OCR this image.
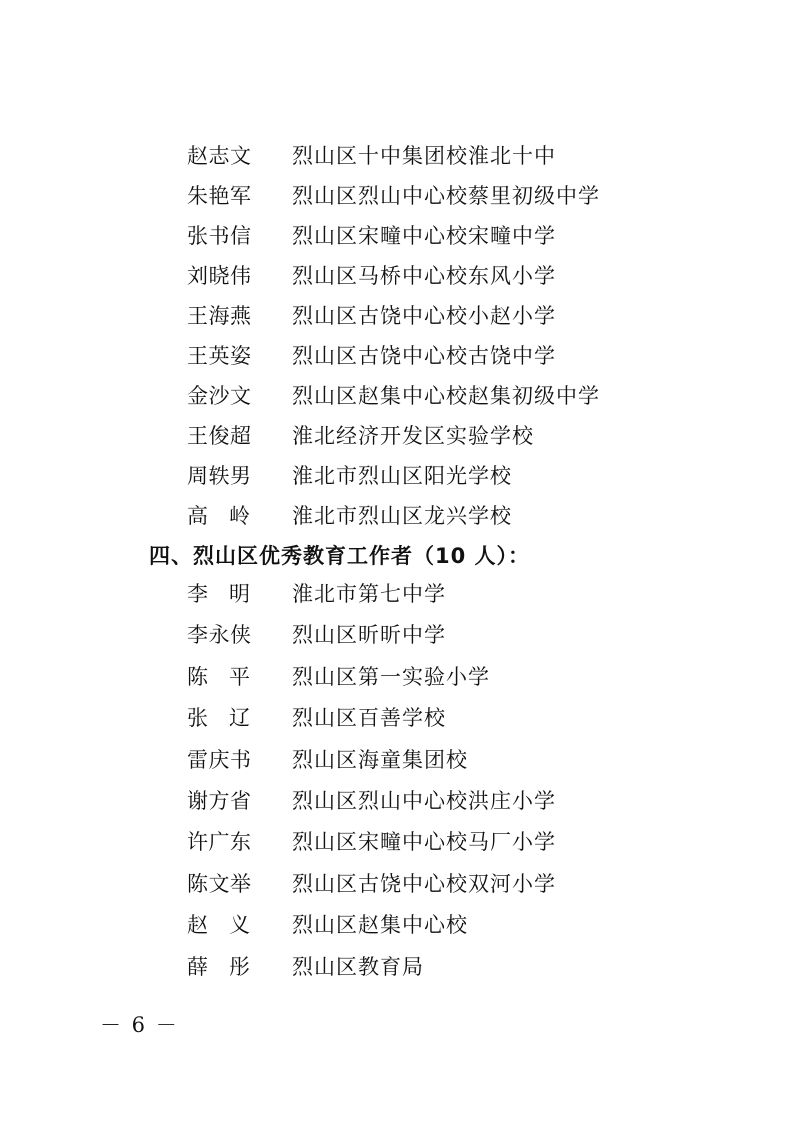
赵志文 烈山区十中集团校淮北十中
朱艳军 烈山区烈山中心校蔡里初级中学
张书信 烈山区宋疃中心校宋疃中学
刘晓伟 烈山区马桥中心校东风小学
王海燕 烈山区古饶中心校小赵小学
王英姿 烈山区古饶中心校古饶中学
金沙文 烈山区赵集中心校赵集初级中学
王俊超 淮北经济开发区实验学校
周轶男 淮北市烈山区阳光学校
高　岭	淮北市烈山区龙兴学校
四、烈山区优秀教育工作者（10 人）：
李　明	淮北市第七中学
李永侠 烈山区昕昕中学
陈　平	烈山区第一实验小学
张　辽	烈山区百善学校
雷庆书 烈山区海童集团校
谢方省 烈山区烈山中心校洪庄小学
许广东 烈山区宋疃中心校马厂小学
陈文举 烈山区古饶中心校双河小学
赵　义	烈山区赵集中心校
薛　彤	烈山区教育局
－ 6 －
